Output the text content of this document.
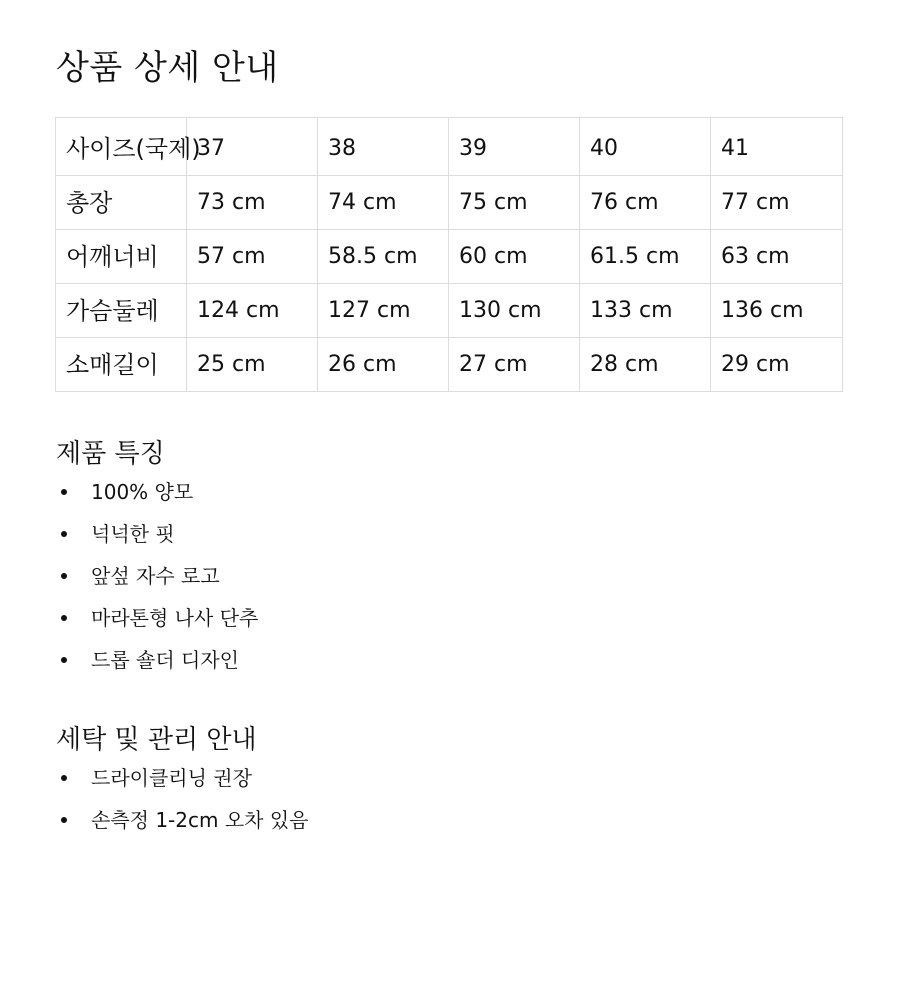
상품 상세 안내
사이즈(국제)	37	38	39	40	41
총장	73 cm	74 cm	75 cm	76 cm	77 cm
어깨너비	57 cm	58.5 cm	60 cm	61.5 cm	63 cm
가슴둘레	124 cm	127 cm	130 cm	133 cm	136 cm
소매길이	25 cm	26 cm	27 cm	28 cm	29 cm
제품 특징
100% 양모
넉넉한 핏
앞섶 자수 로고
마라톤형 나사 단추
드롭 숄더 디자인
세탁 및 관리 안내
드라이클리닝 권장
손측정 1-2cm 오차 있음
